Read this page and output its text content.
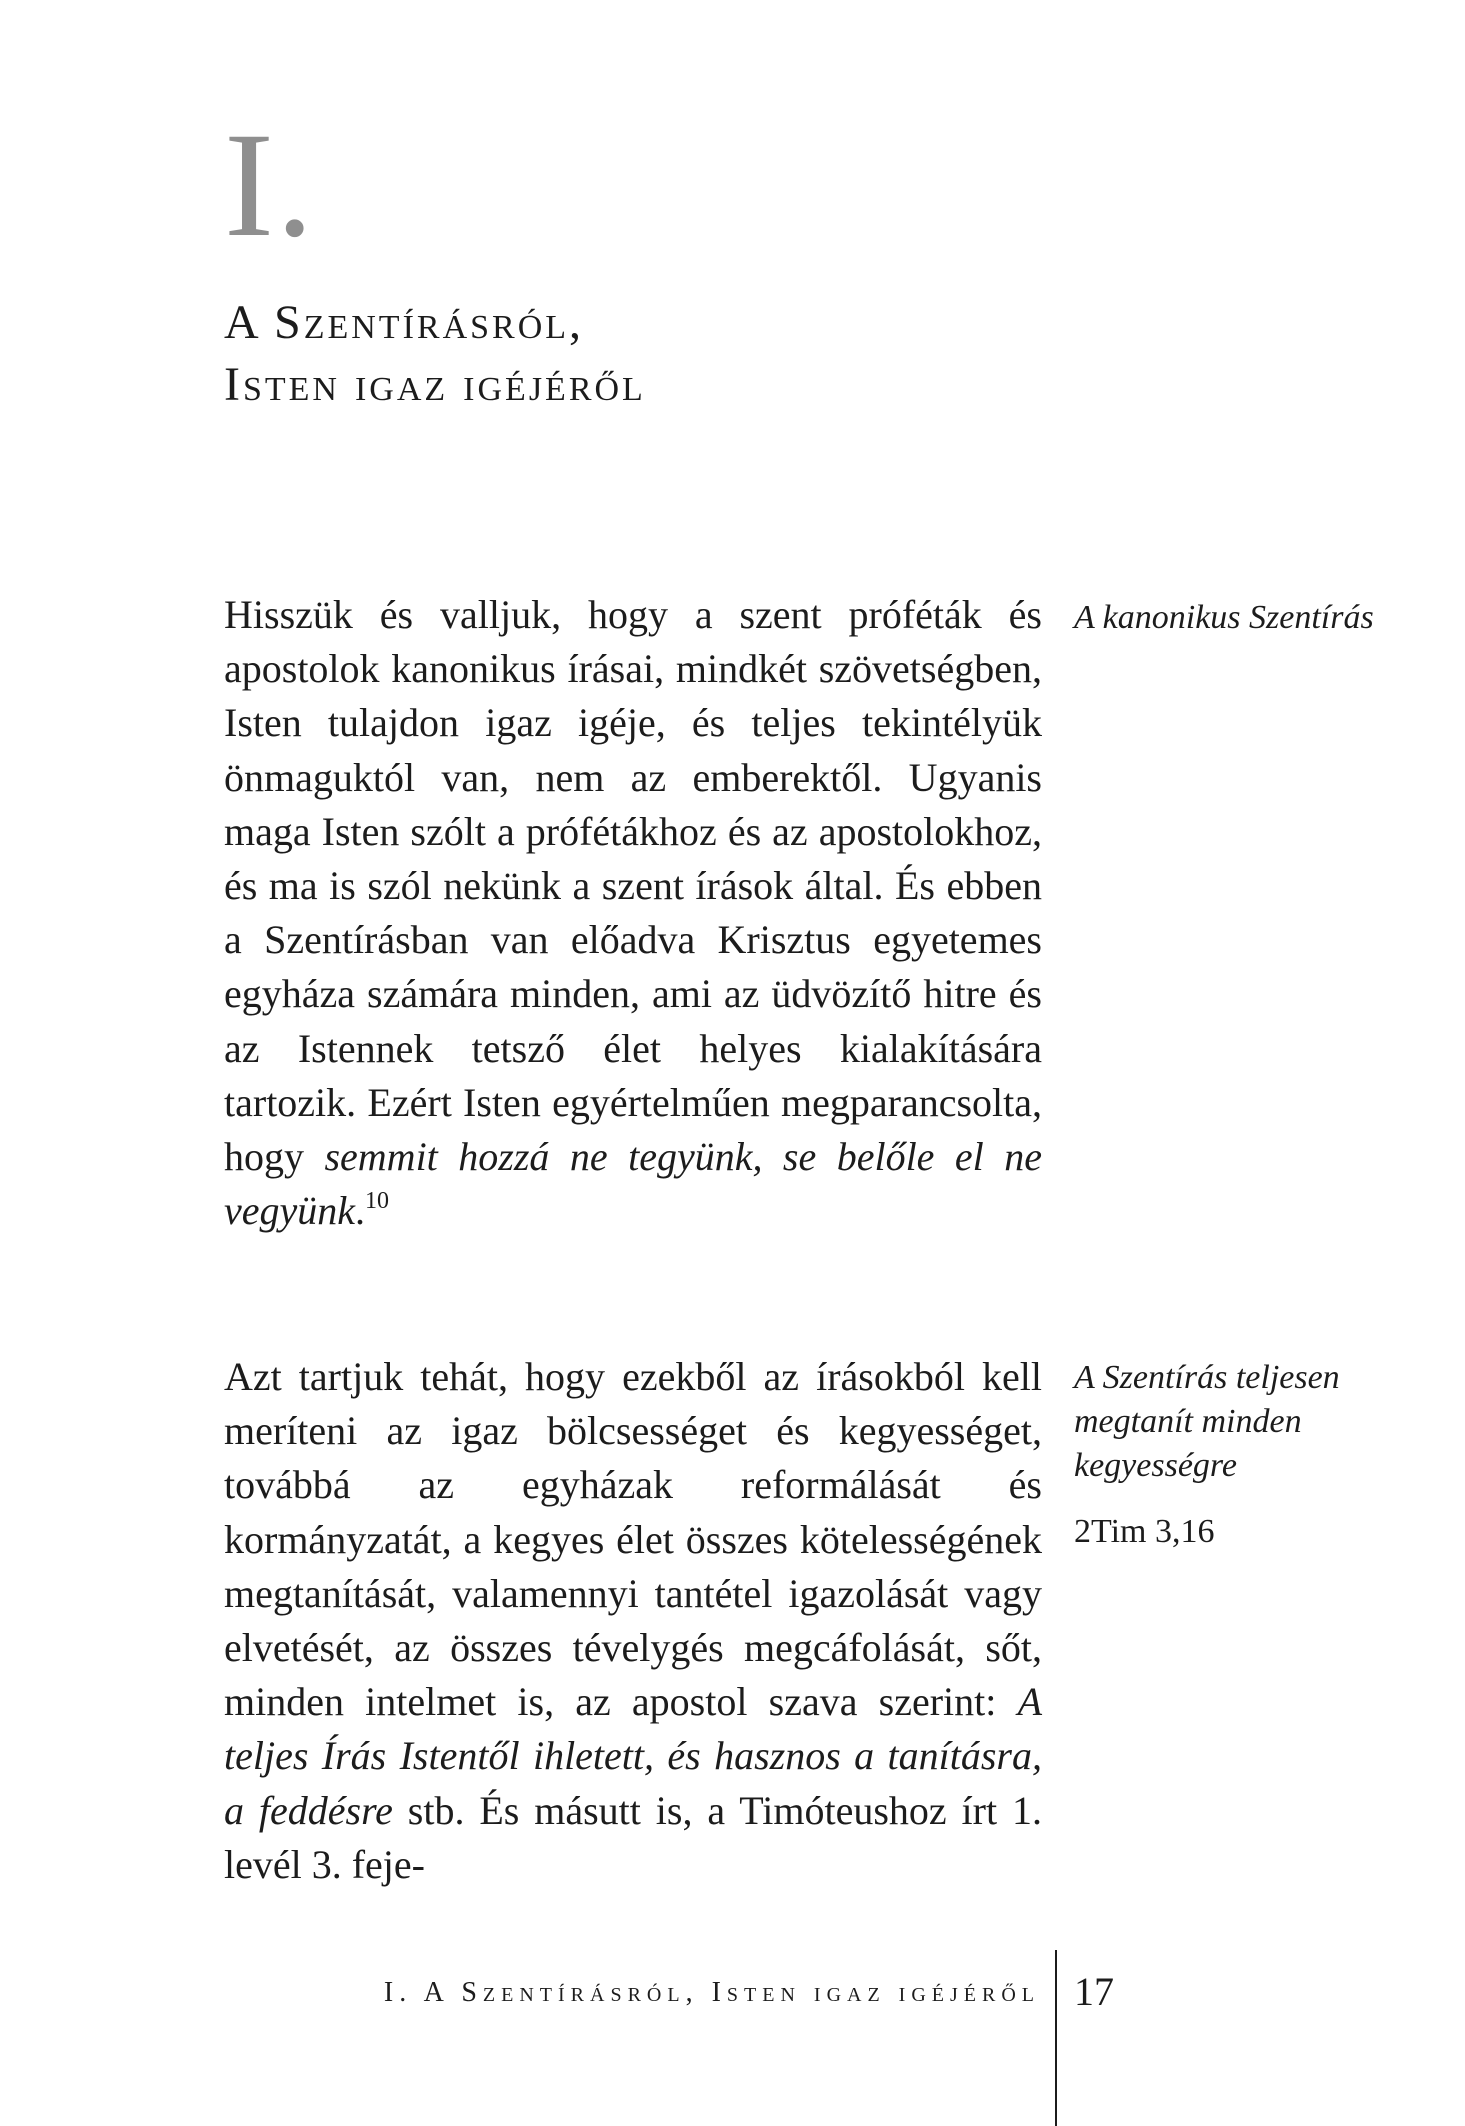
I.
A Szentírásról,
Isten igaz igéjéről
Hisszük és valljuk, hogy a szent próféták és apostolok kanonikus írásai, mindkét szövetségben, Isten tulajdon igaz igéje, és teljes tekintélyük önmaguktól van, nem az emberektől. Ugyanis maga Isten szólt a prófétákhoz és az apostolokhoz, és ma is szól nekünk a szent írások által. És ebben a Szentírásban van előadva Krisztus egyetemes egyháza számára minden, ami az üdvözítő hitre és az Istennek tetsző élet helyes kialakítására tartozik. Ezért Isten egyértelműen megparancsolta, hogy semmit hozzá ne tegyünk, se belőle el ne vegyünk.$^{10}$
Azt tartjuk tehát, hogy ezekből az írásokból kell meríteni az igaz bölcsességet és kegyességet, továbbá az egyházak reformálását és kormányzatát, a kegyes élet összes kötelességének megtanítását, valamennyi tantétel igazolását vagy elvetését, az összes tévelygés megcáfolását, sőt, minden intelmet is, az apostol szava szerint: A teljes Írás Istentől ihletett, és hasznos a tanításra, a feddésre stb. És másutt is, a Timóteushoz írt 1. levél 3. feje-
A kanonikus Szentírás
A Szentírás teljesen megtanít minden kegyességre
2Tim 3,16
I. A Szentírásról, Isten igaz igéjéről 17
